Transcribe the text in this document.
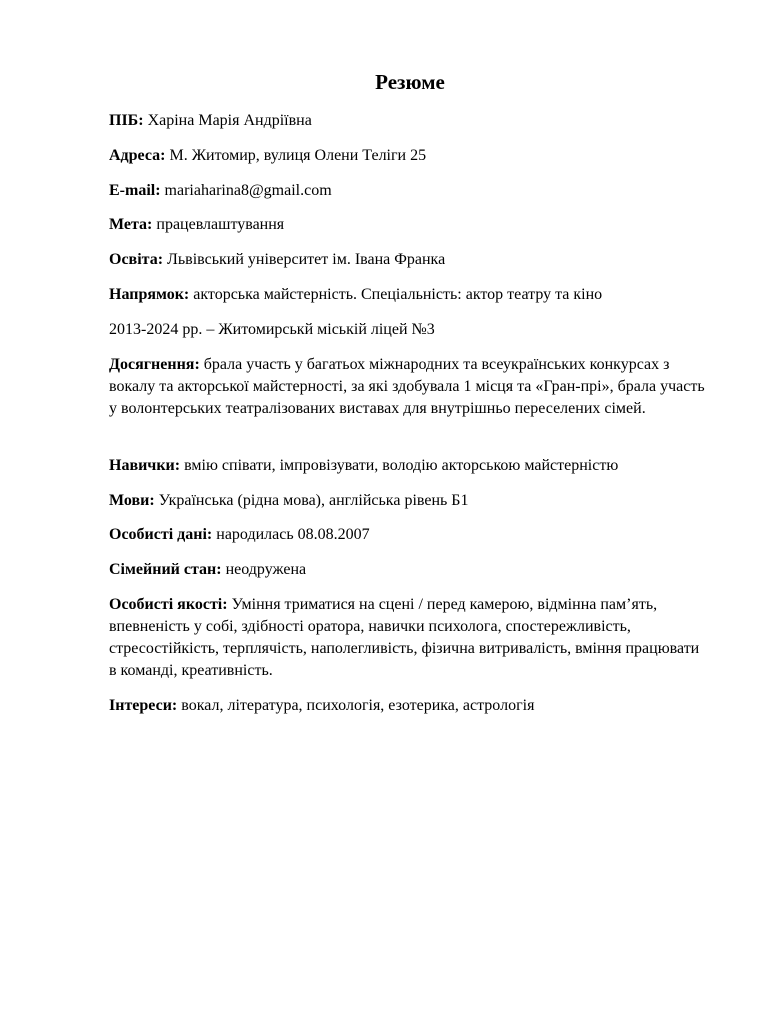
Резюме

ПІБ: Харіна Марія Андріївна

Адреса: М. Житомир, вулиця Олени Теліги 25

E-mail: mariaharina8@gmail.com

Мета: працевлаштування

Освіта: Львівський університет ім. Івана Франка

Напрямок: акторська майстерність. Спеціальність: актор театру та кіно

2013-2024 рр. – Житомирськй міській ліцей №3

Досягнення: брала участь у багатьох міжнародних та всеукраїнських конкурсах з вокалу та акторської майстерності, за які здобувала 1 місця та «Гран-прі», брала участь у волонтерських театралізованих виставах для внутрішньо переселених сімей.

Навички: вмію співати, імпровізувати, володію акторською майстерністю

Мови: Українська (рідна мова), англійська рівень Б1

Особисті дані: народилась 08.08.2007

Сімейний стан: неодружена

Особисті якості: Уміння триматися на сцені / перед камерою, відмінна пам’ять, впевненість у собі, здібності оратора, навички психолога, спостережливість, стресостійкість, терплячість, наполегливість, фізична витривалість, вміння працювати в команді, креативність.

Інтереси: вокал, література, психологія, езотерика, астрологія
